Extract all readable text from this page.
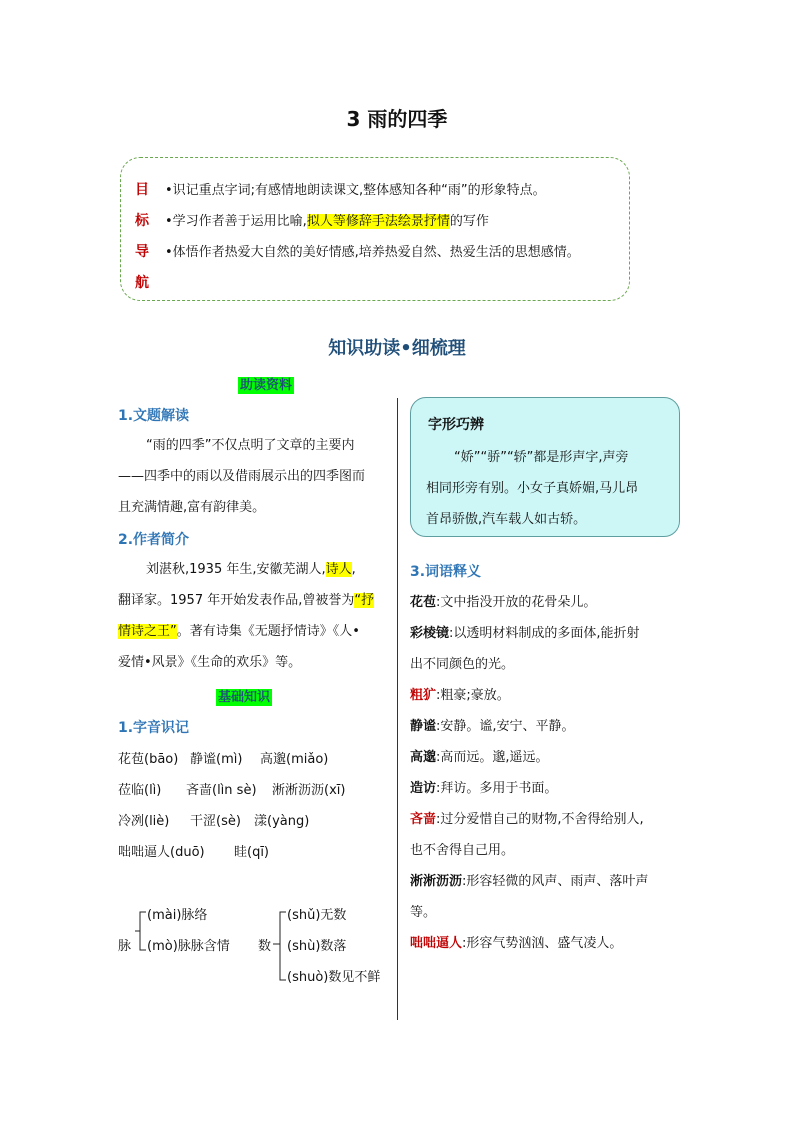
3 雨的四季
目
标
导
航
•识记重点字词;有感情地朗读课文,整体感知各种“雨”的形象特点。
•学习作者善于运用比喻,拟人等修辞手法绘景抒情的写作
•体悟作者热爱大自然的美好情感,培养热爱自然、热爱生活的思想感情。
知识助读•细梳理
助读资料
1.文题解读
“雨的四季”不仅点明了文章的主要内
——四季中的雨以及借雨展示出的四季图而
且充满情趣,富有韵律美。
2.作者简介
刘湛秋,1935 年生,安徽芜湖人,诗人,
翻译家。1957 年开始发表作品,曾被誉为“抒
情诗之王”。著有诗集《无题抒情诗》《人•
爱情•风景》《生命的欢乐》等。
基础知识
1.字音识记
花苞(bāo) 静谧(mì) 高邈(miǎo)
莅临(lì) 吝啬(lìn sè) 淅淅沥沥(xī)
冷冽(liè) 干涩(sè) 漾(yàng)
咄咄逼人(duō) 眭(qī)
脉
(mài)脉络
(mò)脉脉含情 数
(shǔ)无数
(shù)数落
(shuò)数见不鲜
字形巧辨
“娇”“骄”“轿”都是形声字,声旁
相同形旁有别。小女子真娇媚,马儿昂
首昂骄傲,汽车载人如古轿。
3.词语释义
花苞:文中指没开放的花骨朵儿。
彩棱镜:以透明材料制成的多面体,能折射
出不同颜色的光。
粗犷:粗豪;豪放。
静谧:安静。谧,安宁、平静。
高邈:高而远。邈,遥远。
造访:拜访。多用于书面。
吝啬:过分爱惜自己的财物,不舍得给别人,
也不舍得自己用。
淅淅沥沥:形容轻微的风声、雨声、落叶声
等。
咄咄逼人:形容气势汹汹、盛气凌人。
